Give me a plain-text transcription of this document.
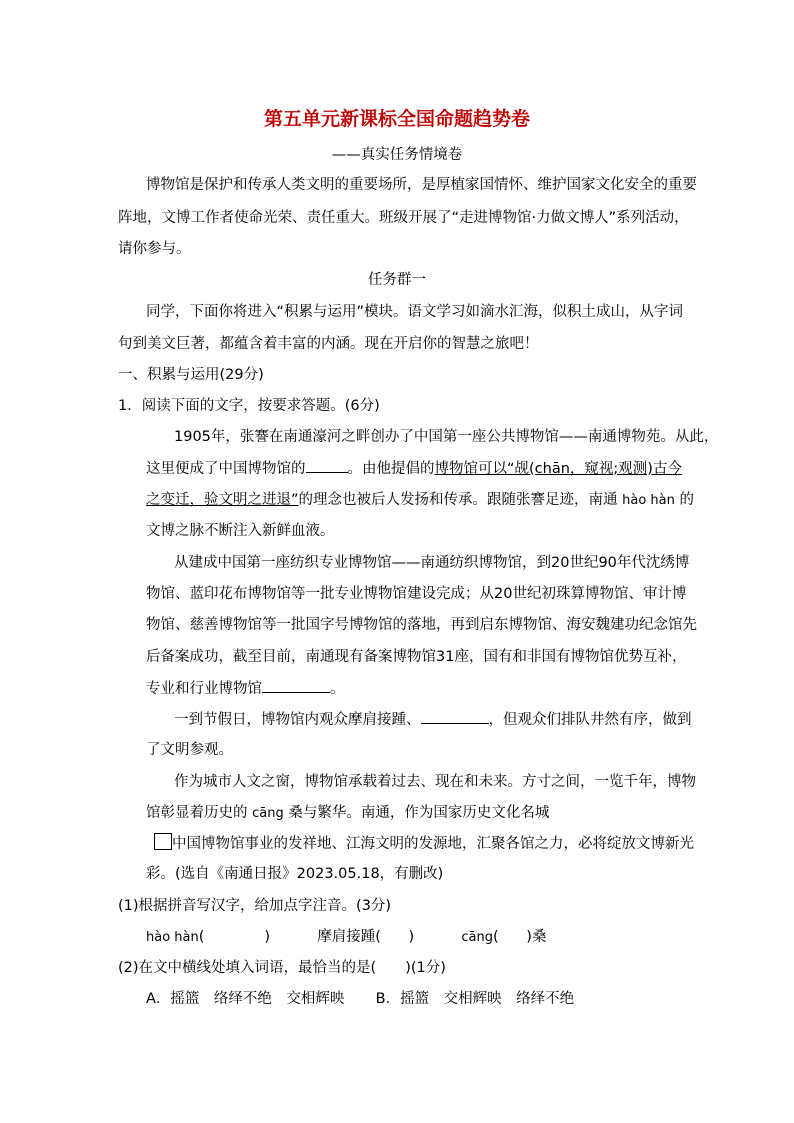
第五单元新课标全国命题趋势卷
——真实任务情境卷
博物馆是保护和传承人类文明的重要场所，是厚植家国情怀、维护国家文化安全的重要
阵地，文博工作者使命光荣、责任重大。班级开展了“走进博物馆·力做文博人”系列活动，
请你参与。
任务群一
同学，下面你将进入“积累与运用”模块。语文学习如滴水汇海，似积土成山，从字词
句到美文巨著，都蕴含着丰富的内涵。现在开启你的智慧之旅吧！
一、积累与运用(29分)
1．阅读下面的文字，按要求答题。(6分)
1905年，张謇在南通濠河之畔创办了中国第一座公共博物馆——南通博物苑。从此，
这里便成了中国博物馆的	。由他提倡的博物馆可以“觇(chān，窥视;观测)古今
之变迁，验文明之进退”的理念也被后人发扬和传承。跟随张謇足迹，南通 hào hàn 的
文博之脉不断注入新鲜血液。
从建成中国第一座纺织专业博物馆——南通纺织博物馆，到20世纪90年代沈绣博
物馆、蓝印花布博物馆等一批专业博物馆建设完成；从20世纪初珠算博物馆、审计博
物馆、慈善博物馆等一批国字号博物馆的落地，再到启东博物馆、海安魏建功纪念馆先
后备案成功，截至目前，南通现有备案博物馆31座，国有和非国有博物馆优势互补，
专业和行业博物馆	。
一到节假日，博物馆内观众摩肩接踵、	，但观众们排队井然有序，做到
了文明参观。
作为城市人文之窗，博物馆承载着过去、现在和未来。方寸之间，一览千年，博物
馆彰显着历史的 cāng 桑与繁华。南通，作为国家历史文化名城
中国博物馆事业的发祥地、江海文明的发源地，汇聚各馆之力，必将绽放文博新光
彩。(选自《南通日报》2023.05.18，有删改)
(1)根据拼音写汉字，给加点字注音。(3分)
hào hàn(             )	摩肩接踵(      )	cāng(      )桑
(2)在文中横线处填入词语，最恰当的是(　　)(1分)
A．摇篮　络绎不绝　交相辉映 B．摇篮　交相辉映　络绎不绝
